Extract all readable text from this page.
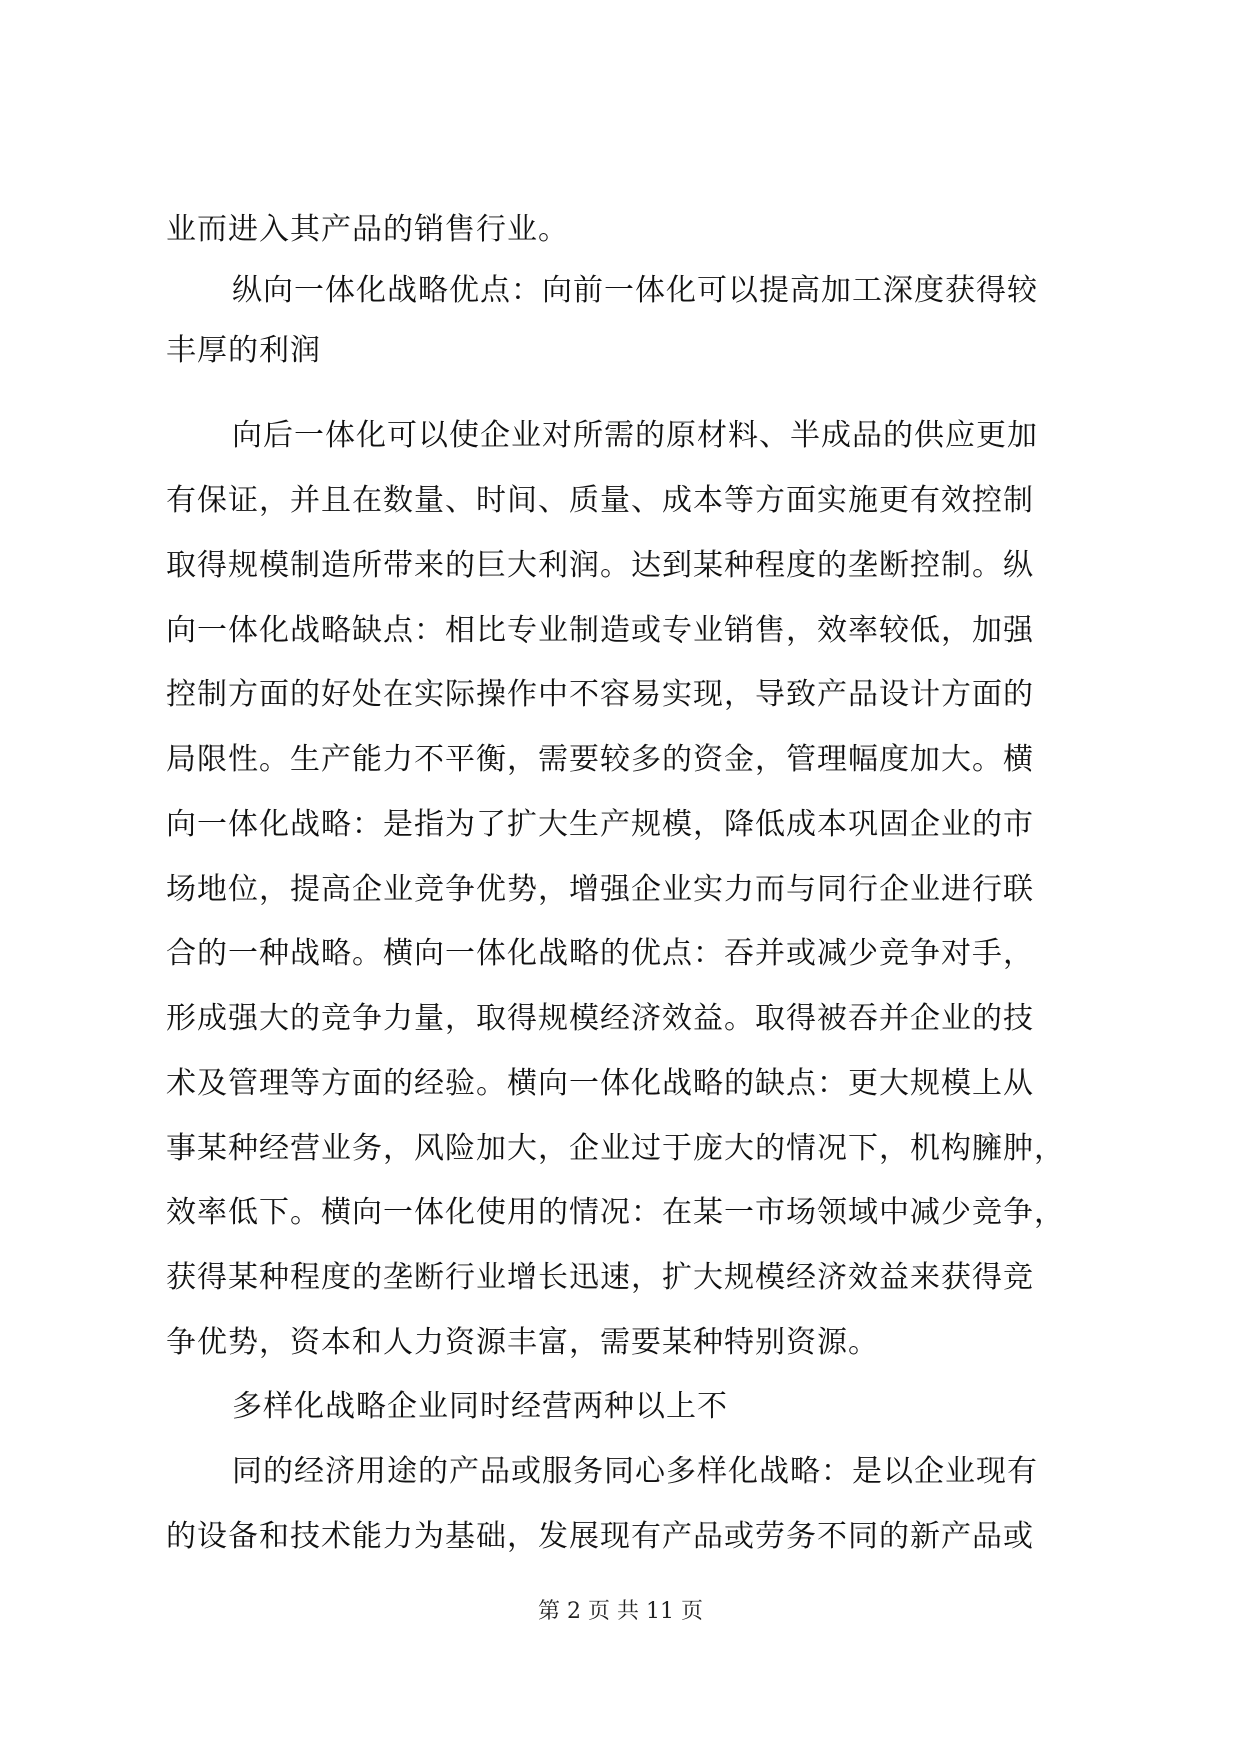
业而进入其产品的销售行业。
纵向一体化战略优点：向前一体化可以提高加工深度获得较
丰厚的利润
向后一体化可以使企业对所需的原材料、半成品的供应更加
有保证，并且在数量、时间、质量、成本等方面实施更有效控制
取得规模制造所带来的巨大利润。达到某种程度的垄断控制。纵
向一体化战略缺点：相比专业制造或专业销售，效率较低，加强
控制方面的好处在实际操作中不容易实现，导致产品设计方面的
局限性。生产能力不平衡，需要较多的资金，管理幅度加大。横
向一体化战略：是指为了扩大生产规模，降低成本巩固企业的市
场地位，提高企业竞争优势，增强企业实力而与同行企业进行联
合的一种战略。横向一体化战略的优点：吞并或减少竞争对手，
形成强大的竞争力量，取得规模经济效益。取得被吞并企业的技
术及管理等方面的经验。横向一体化战略的缺点：更大规模上从
事某种经营业务，风险加大，企业过于庞大的情况下，机构臃肿，
效率低下。横向一体化使用的情况：在某一市场领域中减少竞争，
获得某种程度的垄断行业增长迅速，扩大规模经济效益来获得竞
争优势，资本和人力资源丰富，需要某种特别资源。
多样化战略企业同时经营两种以上不
同的经济用途的产品或服务同心多样化战略：是以企业现有
的设备和技术能力为基础，发展现有产品或劳务不同的新产品或
第 2 页 共 11 页
